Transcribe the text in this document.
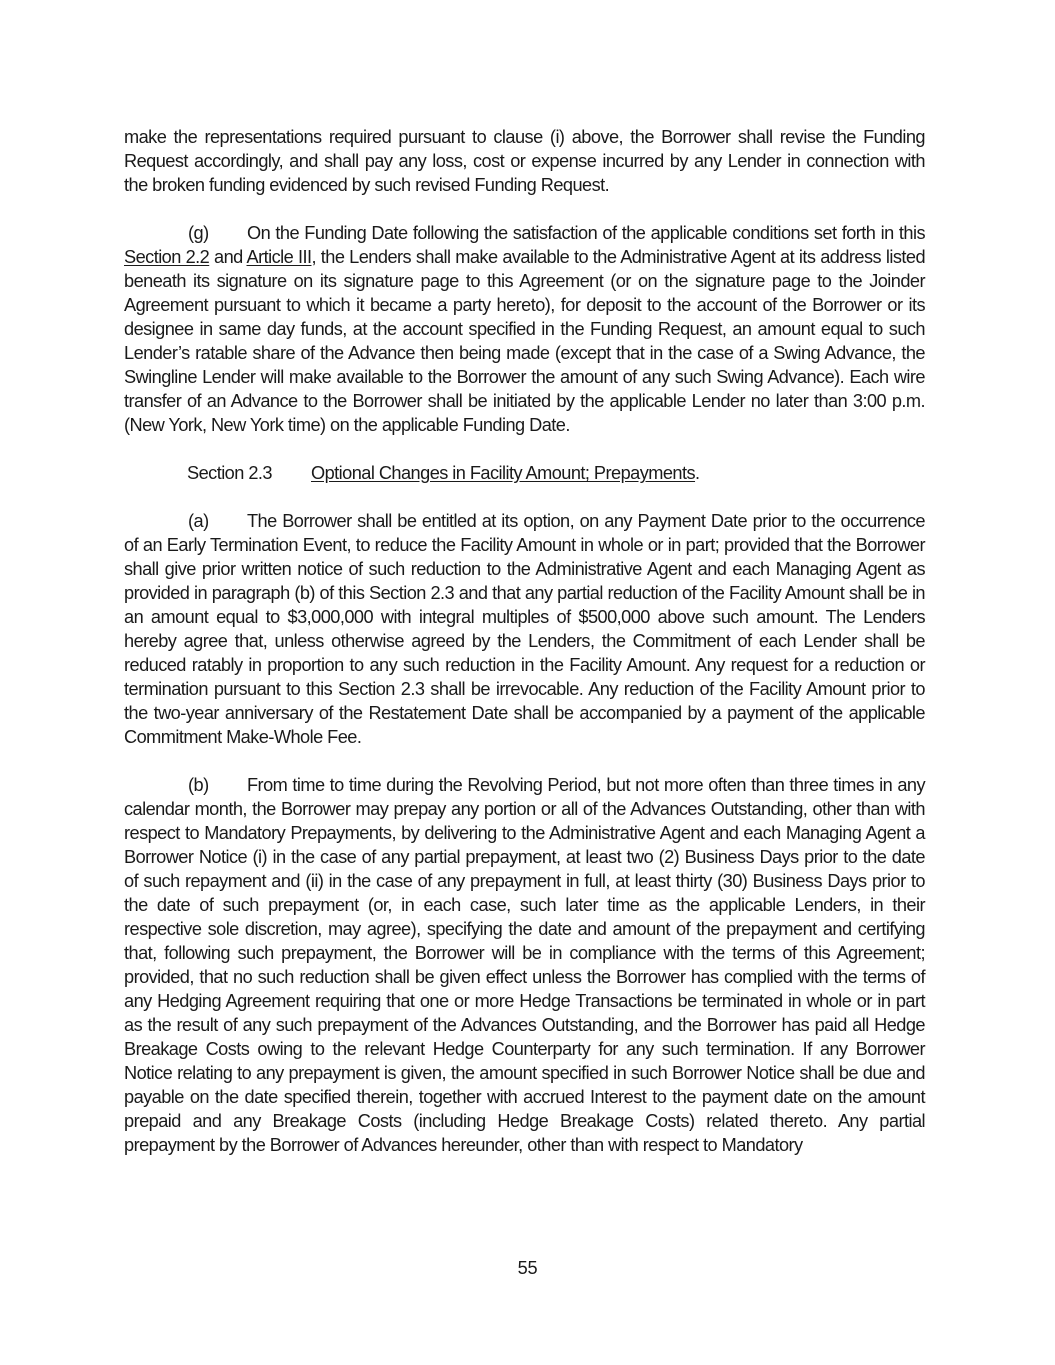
make the representations required pursuant to clause (i) above, the Borrower shall revise the Funding Request accordingly, and shall pay any loss, cost or expense incurred by any Lender in connection with the broken funding evidenced by such revised Funding Request.

(g) On the Funding Date following the satisfaction of the applicable conditions set forth in this Section 2.2 and Article III, the Lenders shall make available to the Administrative Agent at its address listed beneath its signature on its signature page to this Agreement (or on the signature page to the Joinder Agreement pursuant to which it became a party hereto), for deposit to the account of the Borrower or its designee in same day funds, at the account specified in the Funding Request, an amount equal to such Lender’s ratable share of the Advance then being made (except that in the case of a Swing Advance, the Swingline Lender will make available to the Borrower the amount of any such Swing Advance). Each wire transfer of an Advance to the Borrower shall be initiated by the applicable Lender no later than 3:00 p.m. (New York, New York time) on the applicable Funding Date.

Section 2.3 Optional Changes in Facility Amount; Prepayments.

(a) The Borrower shall be entitled at its option, on any Payment Date prior to the occurrence of an Early Termination Event, to reduce the Facility Amount in whole or in part; provided that the Borrower shall give prior written notice of such reduction to the Administrative Agent and each Managing Agent as provided in paragraph (b) of this Section 2.3 and that any partial reduction of the Facility Amount shall be in an amount equal to $3,000,000 with integral multiples of $500,000 above such amount. The Lenders hereby agree that, unless otherwise agreed by the Lenders, the Commitment of each Lender shall be reduced ratably in proportion to any such reduction in the Facility Amount. Any request for a reduction or termination pursuant to this Section 2.3 shall be irrevocable. Any reduction of the Facility Amount prior to the two-year anniversary of the Restatement Date shall be accompanied by a payment of the applicable Commitment Make-Whole Fee.

(b) From time to time during the Revolving Period, but not more often than three times in any calendar month, the Borrower may prepay any portion or all of the Advances Outstanding, other than with respect to Mandatory Prepayments, by delivering to the Administrative Agent and each Managing Agent a Borrower Notice (i) in the case of any partial prepayment, at least two (2) Business Days prior to the date of such repayment and (ii) in the case of any prepayment in full, at least thirty (30) Business Days prior to the date of such prepayment (or, in each case, such later time as the applicable Lenders, in their respective sole discretion, may agree), specifying the date and amount of the prepayment and certifying that, following such prepayment, the Borrower will be in compliance with the terms of this Agreement; provided, that no such reduction shall be given effect unless the Borrower has complied with the terms of any Hedging Agreement requiring that one or more Hedge Transactions be terminated in whole or in part as the result of any such prepayment of the Advances Outstanding, and the Borrower has paid all Hedge Breakage Costs owing to the relevant Hedge Counterparty for any such termination. If any Borrower Notice relating to any prepayment is given, the amount specified in such Borrower Notice shall be due and payable on the date specified therein, together with accrued Interest to the payment date on the amount prepaid and any Breakage Costs (including Hedge Breakage Costs) related thereto. Any partial prepayment by the Borrower of Advances hereunder, other than with respect to Mandatory

55
